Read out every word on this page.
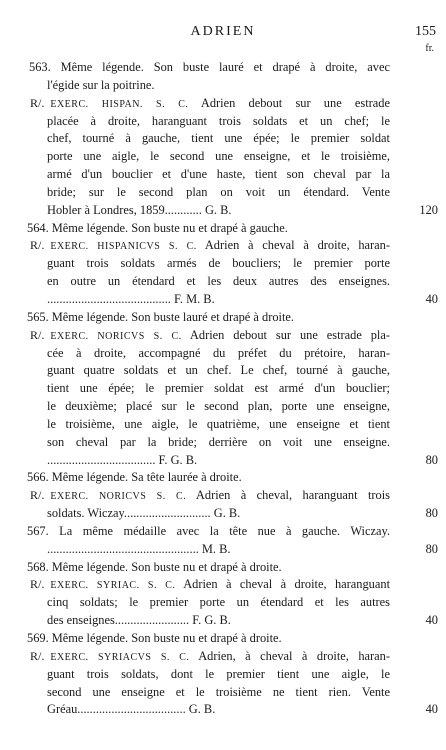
ADRIEN	155
fr.
563. Même légende. Son buste lauré et drapé à droite, avec
l'égide sur la poitrine.
R/. EXERC. HISPAN. S. C. Adrien debout sur une estrade
placée à droite, haranguant trois soldats et un chef; le
chef, tourné à gauche, tient une épée; le premier soldat
porte une aigle, le second une enseigne, et le troisième,
armé d'un bouclier et d'une haste, tient son cheval par la
bride; sur le second plan on voit un étendard. Vente
Hobler à Londres, 1859............ G. B.	120
564. Même légende. Son buste nu et drapé à gauche.
R/. EXERC. HISPANICVS S. C. Adrien à cheval à droite, haran-
guant trois soldats armés de boucliers; le premier porte
en outre un étendard et les deux autres des enseignes.
........................................ F. M. B.	40
565. Même légende. Son buste lauré et drapé à droite.
R/. EXERC. NORICVS S. C. Adrien debout sur une estrade pla-
cée à droite, accompagné du préfet du prétoire, haran-
guant quatre soldats et un chef. Le chef, tourné à gauche,
tient une épée; le premier soldat est armé d'un bouclier;
le deuxième; placé sur le second plan, porte une enseigne,
le troisième, une aigle, le quatrième, une enseigne et tient
son cheval par la bride; derrière on voit une enseigne.
................................... F. G. B.	80
566. Même légende. Sa tête laurée à droite.
R/. EXERC. NORICVS S. C. Adrien à cheval, haranguant trois
soldats. Wiczay............................ G. B.	80
567. La même médaille avec la tête nue à gauche. Wiczay.
................................................. M. B.	80
568. Même légende. Son buste nu et drapé à droite.
R/. EXERC. SYRIAC. S. C. Adrien à cheval à droite, haranguant
cinq soldats; le premier porte un étendard et les autres
des enseignes........................ F. G. B.	40
569. Même légende. Son buste nu et drapé à droite.
R/. EXERC. SYRIACVS S. C. Adrien, à cheval à droite, haran-
guant trois soldats, dont le premier tient une aigle, le
second une enseigne et le troisième ne tient rien. Vente
Gréau................................... G. B.	40
